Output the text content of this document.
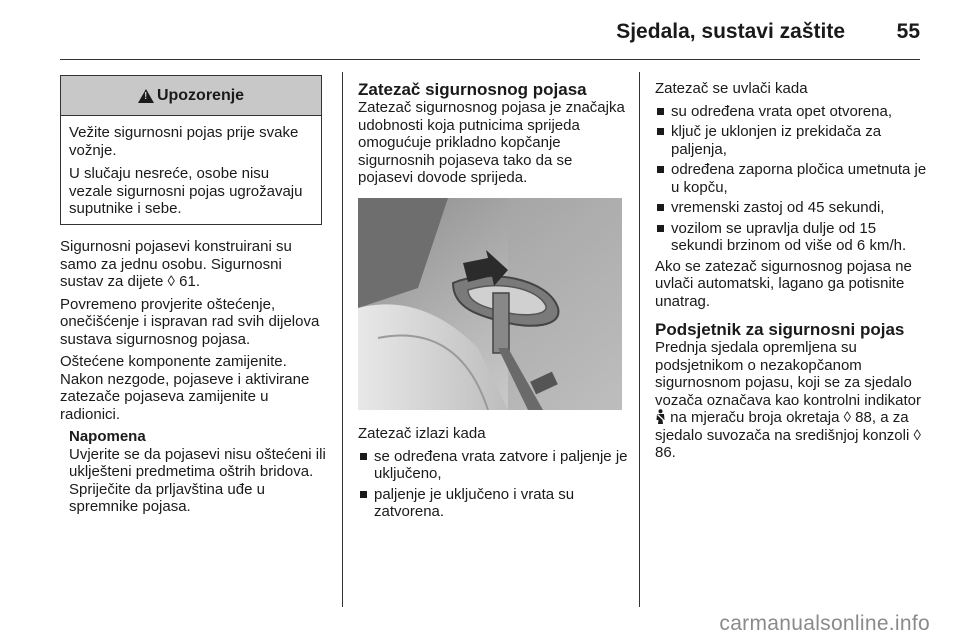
Sjedala, sustavi zaštite 55
!
Upozorenje

Vežite sigurnosni pojas prije svake vožnje.

U slučaju nesreće, osobe nisu vezale sigurnosni pojas ugrožavaju suputnike i sebe.

Sigurnosni pojasevi konstruirani su samo za jednu osobu. Sigurnosni sustav za dijete ◊ 61.

Povremeno provjerite oštećenje, onečišćenje i ispravan rad svih dijelova sustava sigurnosnog pojasa.

Oštećene komponente zamijenite. Nakon nezgode, pojaseve i aktivirane zatezače pojaseva zamijenite u radionici.

Napomena
Uvjerite se da pojasevi nisu oštećeni ili uklješteni predmetima oštrih bridova. Spriječite da prljavština uđe u spremnike pojasa.
Zatezač sigurnosnog pojasa

Zatezač sigurnosnog pojasa je značajka udobnosti koja putnicima sprijeda omogućuje prikladno kopčanje sigurnosnih pojaseva tako da se pojasevi dovode sprijeda.

Zatezač izlazi kada

se određena vrata zatvore i paljenje je uključeno,
paljenje je uključeno i vrata su zatvorena.

Zatezač se uvlači kada

su određena vrata opet otvorena,
ključ je uklonjen iz prekidača za paljenja,
određena zaporna pločica umetnuta je u kopču,
vremenski zastoj od 45 sekundi,
vozilom se upravlja dulje od 15 sekundi brzinom od više od 6 km/h.

Ako se zatezač sigurnosnog pojasa ne uvlači automatski, lagano ga potisnite unatrag.

Podsjetnik za sigurnosni pojas

Prednja sjedala opremljena su podsjetnikom o nezakopčanom sigurnosnom pojasu, koji se za sjedalo vozača označava kao kontrolni indikator  na mjeraču broja okretaja ◊ 88, a za sjedalo suvozača na središnjoj konzoli ◊ 86.

carmanualsonline.info
